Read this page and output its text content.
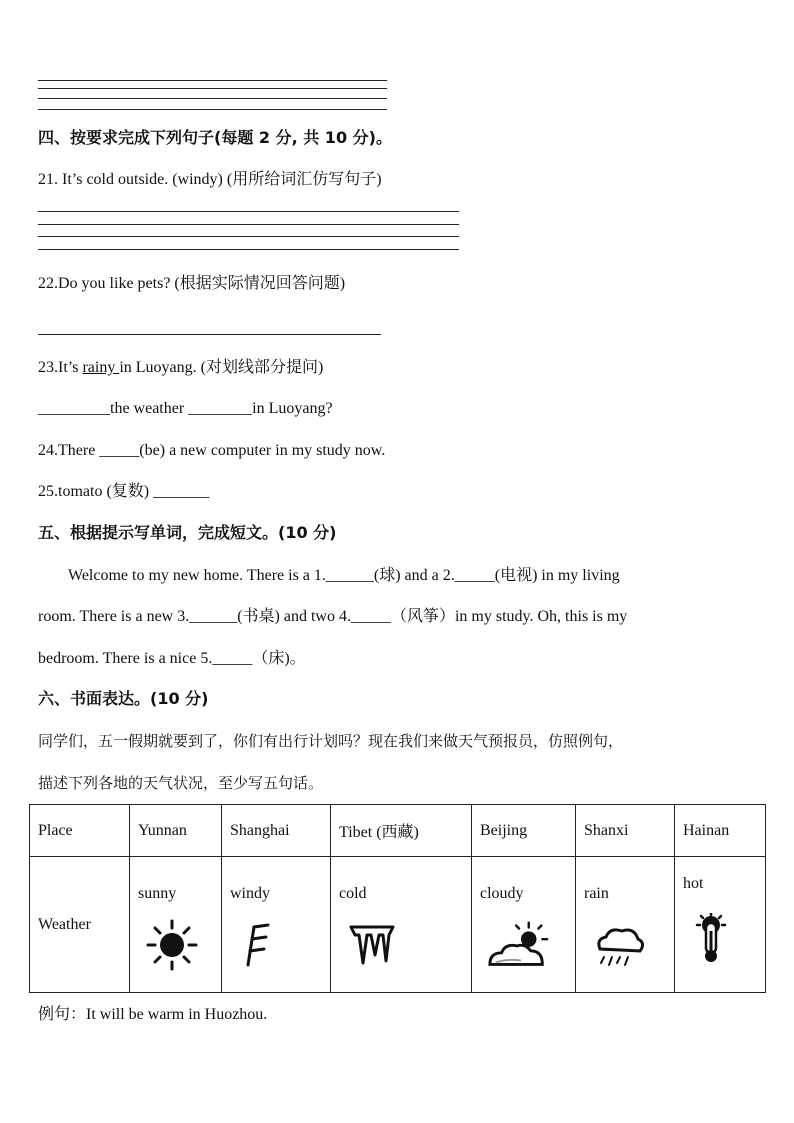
四、按要求完成下列句子(每题 2 分, 共 10 分)。
21. It’s cold outside. (windy) (用所给词汇仿写句子)
22.Do you like pets? (根据实际情况回答问题)
23.It’s rainy in Luoyang. (对划线部分提问)
_________the weather ________in Luoyang?
24.There _____(be) a new computer in my study now.
25.tomato (复数) _______
五、根据提示写单词，完成短文。(10 分)
Welcome to my new home. There is a 1.______(球) and a 2._____(电视) in my living
room. There is a new 3.______(书桌) and two 4._____（风筝）in my study. Oh, this is my
bedroom. There is a nice 5._____（床)。
六、书面表达。(10 分)
同学们，五一假期就要到了，你们有出行计划吗？现在我们来做天气预报员，仿照例句，
描述下列各地的天气状况，至少写五句话。
Place	Yunnan	Shanghai	Tibet (西藏)	Beijing	Shanxi	Hainan
Weather	sunny	windy	cold	cloudy	rain	hot
例句：It will be warm in Huozhou.
